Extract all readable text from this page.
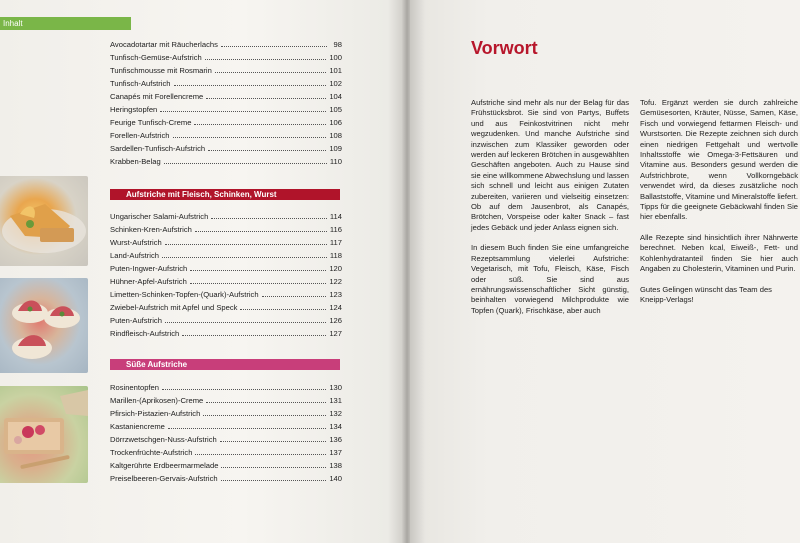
Inhalt
Avocadotartar mit Räucherlachs	98
Tunfisch-Gemüse-Aufstrich	100
Tunfischmousse mit Rosmarin	101
Tunfisch-Aufstrich	102
Canapés mit Forellencreme	104
Heringstopfen	105
Feurige Tunfisch-Creme	106
Forellen-Aufstrich	108
Sardellen-Tunfisch-Aufstrich	109
Krabben-Belag	110
Aufstriche mit Fleisch, Schinken, Wurst
Ungarischer Salami-Aufstrich	114
Schinken-Kren-Aufstrich	116
Wurst-Aufstrich	117
Land-Aufstrich	118
Puten-Ingwer-Aufstrich	120
Hühner-Apfel-Aufstrich	122
Limetten-Schinken-Topfen-(Quark)-Aufstrich	123
Zwiebel-Aufstrich mit Apfel und Speck	124
Puten-Aufstrich	126
Rindfleisch-Aufstrich	127
Süße Aufstriche
Rosinentopfen	130
Marillen-(Aprikosen)-Creme	131
Pfirsich-Pistazien-Aufstrich	132
Kastaniencreme	134
Dörrzwetschgen-Nuss-Aufstrich	136
Trockenfrüchte-Aufstrich	137
Kaltgerührte Erdbeermarmelade	138
Preiselbeeren-Gervais-Aufstrich	140
Vorwort

Aufstriche sind mehr als nur der Belag für das Frühstücksbrot. Sie sind von Partys, Buffets und aus Feinkostvitrinen nicht mehr wegzudenken. Und manche Aufstriche sind inzwischen zum Klassiker geworden oder werden auf leckeren Brötchen in ausgewählten Geschäften angeboten. Auch zu Hause sind sie eine willkommene Abwechslung und lassen sich schnell und leicht aus einigen Zutaten zubereiten, variieren und vielseitig einsetzen: Ob auf dem Jausenbrot, als Canapés, Brötchen, Vorspeise oder kalter Snack – fast jedes Gebäck und jeder Anlass eignen sich.

In diesem Buch finden Sie eine umfangreiche Rezeptsammlung vielerlei Aufstriche: Vegetarisch, mit Tofu, Fleisch, Käse, Fisch oder süß. Sie sind aus ernährungswissenschaftlicher Sicht günstig, beinhalten vorwiegend Milchprodukte wie Topfen (Quark), Frischkäse, aber auch

Tofu. Ergänzt werden sie durch zahlreiche Gemüsesorten, Kräuter, Nüsse, Samen, Käse, Fisch und vorwiegend fettarmen Fleisch- und Wurstsorten. Die Rezepte zeichnen sich durch einen niedrigen Fettgehalt und wertvolle Inhaltsstoffe wie Omega-3-Fettsäuren und Vitamine aus. Besonders gesund werden die Aufstrichbrote, wenn Vollkorngebäck verwendet wird, da dieses zusätzliche noch Ballaststoffe, Vitamine und Mineralstoffe liefert. Tipps für die geeignete Gebäckwahl finden Sie hier ebenfalls.

Alle Rezepte sind hinsichtlich ihrer Nährwerte berechnet. Neben kcal, Eiweiß-, Fett- und Kohlenhydratanteil finden Sie hier auch Angaben zu Cholesterin, Vitaminen und Purin.

Gutes Gelingen wünscht das Team des Kneipp-Verlags!
